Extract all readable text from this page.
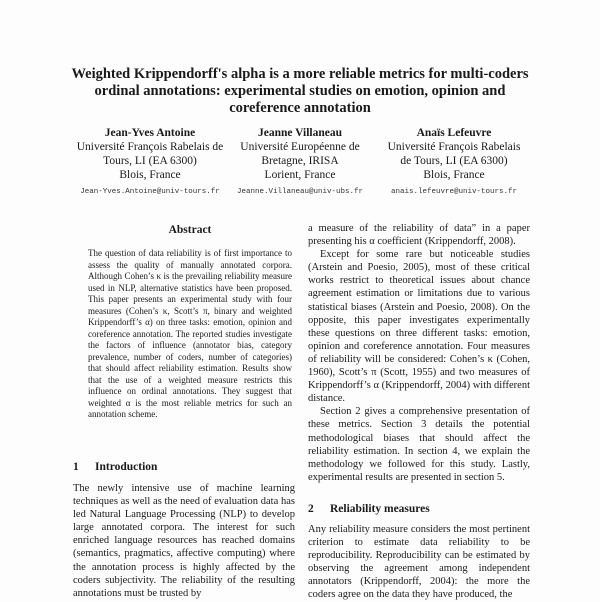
Weighted Krippendorff's alpha is a more reliable metrics for multi-coders ordinal annotations: experimental studies on emotion, opinion and coreference annotation
Jean-Yves Antoine
Université François Rabelais de
Tours, LI (EA 6300)
Blois, France
Jean-Yves.Antoine@univ-tours.fr
Jeanne Villaneau
Université Européenne de
Bretagne, IRISA
Lorient, France
Jeanne.Villaneau@univ-ubs.fr
Anaïs Lefeuvre
Université François Rabelais
de Tours, LI (EA 6300)
Blois, France
anais.lefeuvre@univ-tours.fr
Abstract
The question of data reliability is of first importance to assess the quality of manually annotated corpora. Although Cohen’s κ is the prevailing reliability measure used in NLP, alternative statistics have been proposed. This paper presents an experimental study with four measures (Cohen’s κ, Scott’s π, binary and weighted Krippendorff’s α) on three tasks: emotion, opinion and coreference annotation. The reported studies investigate the factors of influence (annotator bias, category prevalence, number of coders, number of categories) that should affect reliability estimation. Results show that the use of a weighted measure restricts this influence on ordinal annotations. They suggest that weighted α is the most reliable metrics for such an annotation scheme.
1 Introduction

The newly intensive use of machine learning techniques as well as the need of evaluation data has led Natural Language Processing (NLP) to develop large annotated corpora. The interest for such enriched language resources has reached domains (semantics, pragmatics, affective computing) where the annotation process is highly affected by the coders subjectivity. The reliability of the resulting annotations must be trusted by

a measure of the reliability of data” in a paper presenting his α coefficient (Krippendorff, 2008).

Except for some rare but noticeable studies (Arstein and Poesio, 2005), most of these critical works restrict to theoretical issues about chance agreement estimation or limitations due to various statistical biases (Arstein and Poesio, 2008). On the opposite, this paper investigates experimentally these questions on three different tasks: emotion, opinion and coreference annotation. Four measures of reliability will be considered: Cohen’s κ (Cohen, 1960), Scott’s π (Scott, 1955) and two measures of Krippendorff’s α (Krippendorff, 2004) with different distance.

Section 2 gives a comprehensive presentation of these metrics. Section 3 details the potential methodological biases that should affect the reliability estimation. In section 4, we explain the methodology we followed for this study. Lastly, experimental results are presented in section 5.

2 Reliability measures

Any reliability measure considers the most pertinent criterion to estimate data reliability to be reproducibility. Reproducibility can be estimated by observing the agreement among independent annotators (Krippendorff, 2004): the more the coders agree on the data they have produced, the
